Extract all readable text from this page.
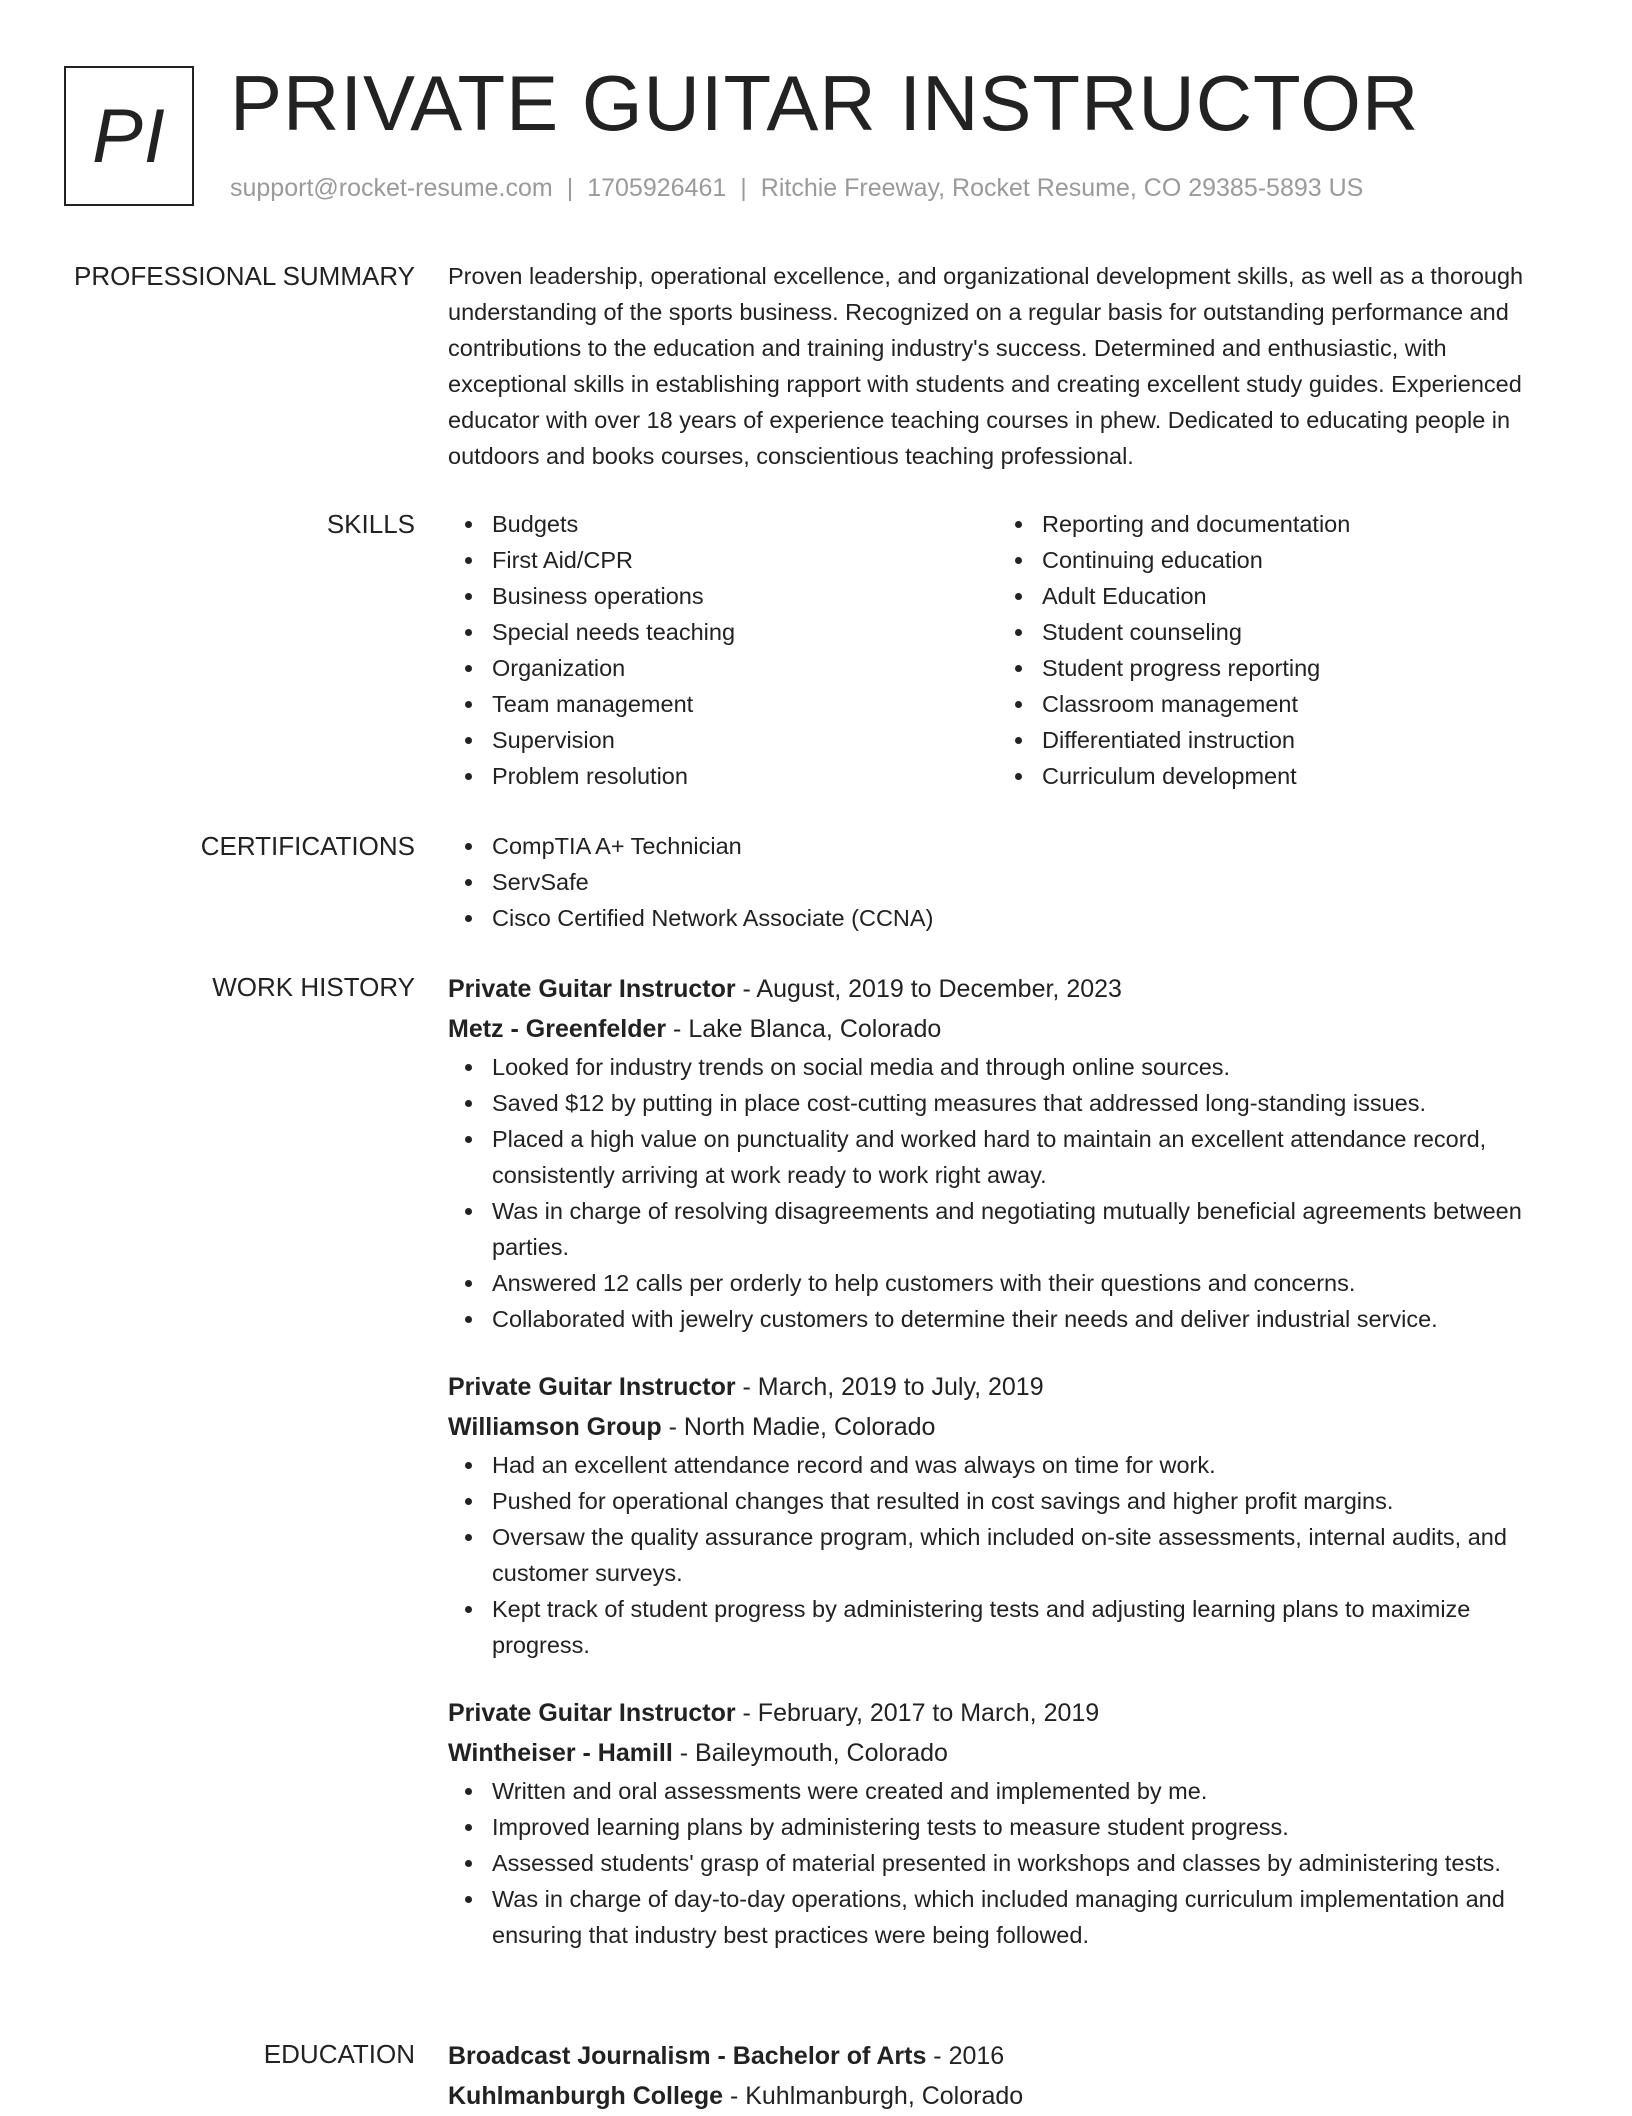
PI PRIVATE GUITAR INSTRUCTOR
support@rocket-resume.com | 1705926461 | Ritchie Freeway, Rocket Resume, CO 29385-5893 US
PROFESSIONAL SUMMARY Proven leadership, operational excellence, and organizational development skills, as well as a thorough understanding of the sports business. Recognized on a regular basis for outstanding performance and contributions to the education and training industry's success. Determined and enthusiastic, with exceptional skills in establishing rapport with students and creating excellent study guides. Experienced educator with over 18 years of experience teaching courses in phew. Dedicated to educating people in outdoors and books courses, conscientious teaching professional.

SKILLS	Budgets
First Aid/CPR
Business operations
Special needs teaching
Organization
Team management
Supervision
Problem resolution
Reporting and documentation
Continuing education
Adult Education
Student counseling
Student progress reporting
Classroom management
Differentiated instruction
Curriculum development
CERTIFICATIONS	CompTIA A+ Technician
ServSafe
Cisco Certified Network Associate (CCNA)
WORK HISTORY Private Guitar Instructor - August, 2019 to December, 2023
Metz - Greenfelder - Lake Blanca, Colorado
Looked for industry trends on social media and through online sources.
Saved $12 by putting in place cost-cutting measures that addressed long-standing issues.
Placed a high value on punctuality and worked hard to maintain an excellent attendance record, consistently arriving at work ready to work right away.
Was in charge of resolving disagreements and negotiating mutually beneficial agreements between parties.
Answered 12 calls per orderly to help customers with their questions and concerns.
Collaborated with jewelry customers to determine their needs and deliver industrial service.
Private Guitar Instructor - March, 2019 to July, 2019
Williamson Group - North Madie, Colorado
Had an excellent attendance record and was always on time for work.
Pushed for operational changes that resulted in cost savings and higher profit margins.
Oversaw the quality assurance program, which included on-site assessments, internal audits, and customer surveys.
Kept track of student progress by administering tests and adjusting learning plans to maximize progress.
Private Guitar Instructor - February, 2017 to March, 2019
Wintheiser - Hamill - Baileymouth, Colorado
Written and oral assessments were created and implemented by me.
Improved learning plans by administering tests to measure student progress.
Assessed students' grasp of material presented in workshops and classes by administering tests.
Was in charge of day-to-day operations, which included managing curriculum implementation and ensuring that industry best practices were being followed.
EDUCATION Broadcast Journalism - Bachelor of Arts - 2016
Kuhlmanburgh College - Kuhlmanburgh, Colorado
